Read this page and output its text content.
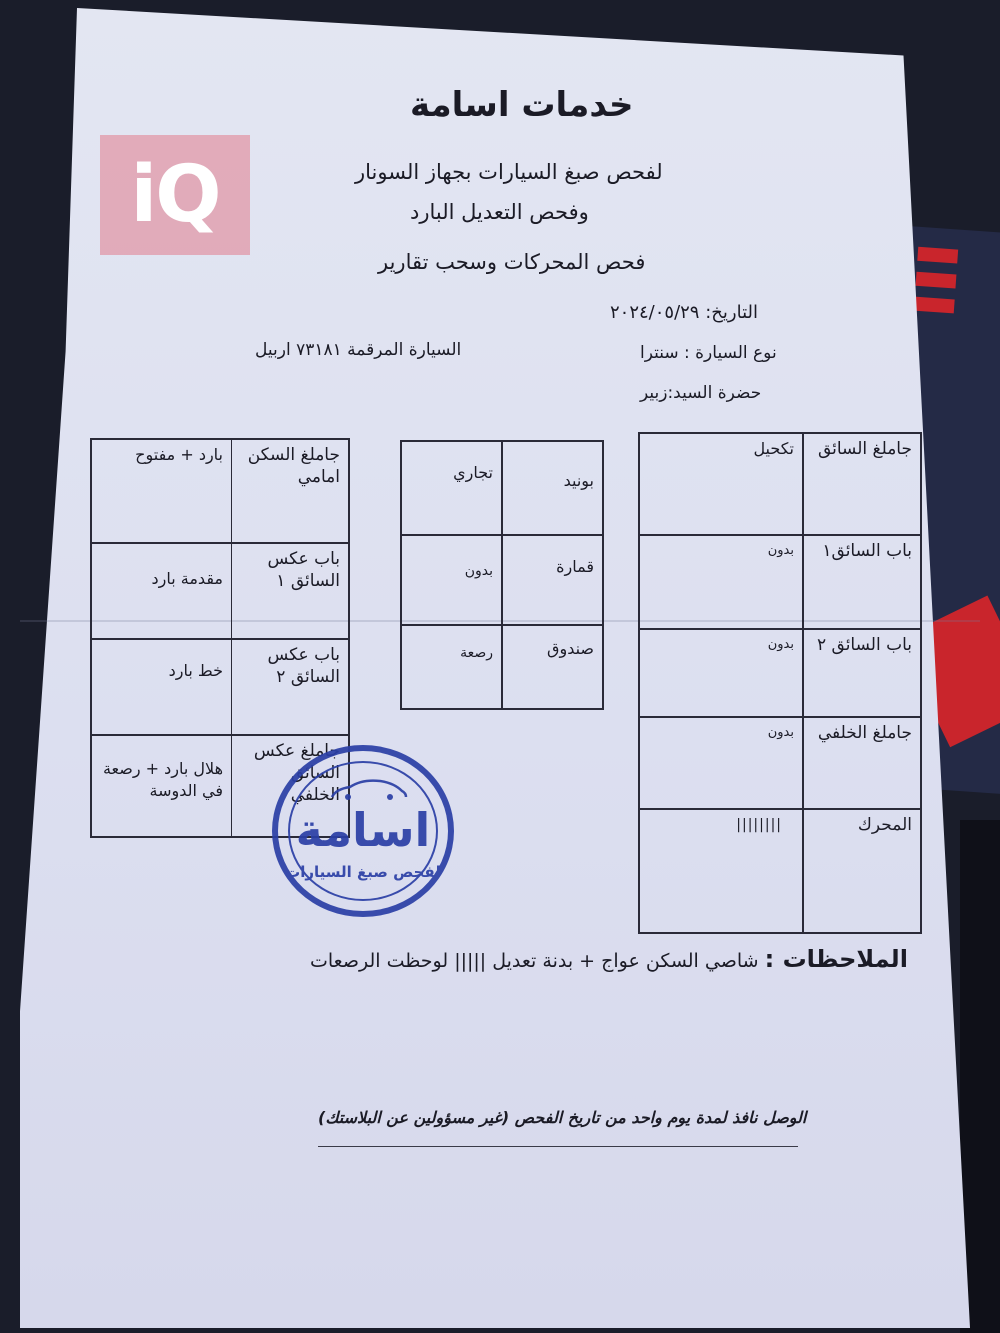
iQ
خدمات اسامة
لفحص صبغ السيارات بجهاز السونار
وفحص التعديل البارد
فحص المحركات وسحب تقارير
التاريخ: ٢٠٢٤/٠٥/٢٩
نوع السيارة : سنترا
السيارة المرقمة ٧٣١٨١ اربيل
حضرة السيد:زبير
جاملغ السكن امامي
بارد + مفتوح
باب عكس السائق ١
مقدمة بارد
باب عكس السائق ٢
خط بارد
جاملغ عكس السائق الخلفي
هلال بارد + رصعة في الدوسة
بونيد
تجاري
قمارة
بدون
صندوق
رصعة
جاملغ السائق
تكحيل
باب السائق١
بدون
باب السائق ٢
بدون
جاملغ الخلفي
بدون
المحرك
||||||||
اسامة
لفحص صبغ السيارات
الملاحظات : شاصي السكن عواج + بدنة تعديل ||||| لوحظت الرصعات
الوصل نافذ لمدة يوم واحد من تاريخ الفحص (غير مسؤولين عن البلاستك)
